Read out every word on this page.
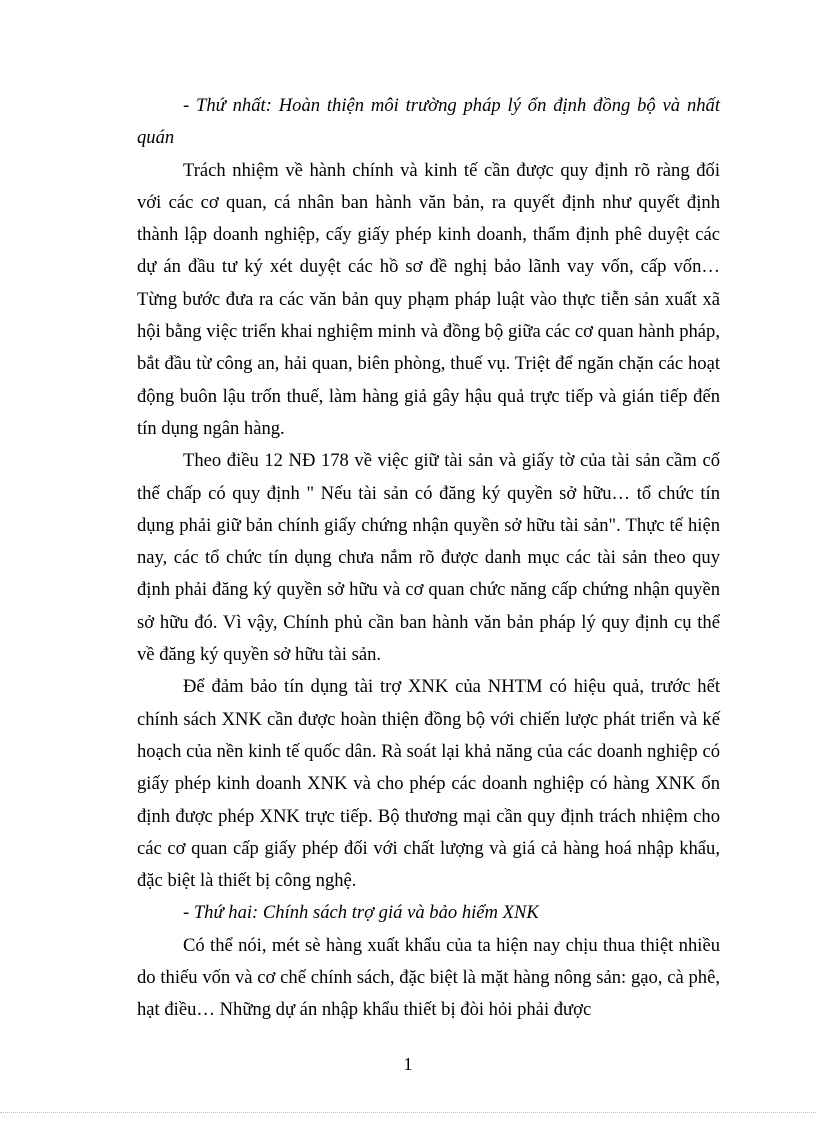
- Thứ nhất: Hoàn thiện môi trường pháp lý ổn định đồng bộ và nhất quán

Trách nhiệm về hành chính và kinh tế cần được quy định rõ ràng đối với các cơ quan, cá nhân ban hành văn bản, ra quyết định như quyết định thành lập doanh nghiệp, cấy giấy phép kinh doanh, thẩm định phê duyệt các dự án đầu tư ký xét duyệt các hồ sơ đề nghị bảo lãnh vay vốn, cấp vốn… Từng bước đưa ra các văn bản quy phạm pháp luật vào thực tiễn sản xuất xã hội bằng việc triển khai nghiệm minh và đồng bộ giữa các cơ quan hành pháp, bắt đầu từ công an, hải quan, biên phòng, thuế vụ. Triệt để ngăn chặn các hoạt động buôn lậu trốn thuế, làm hàng giả gây hậu quả trực tiếp và gián tiếp đến tín dụng ngân hàng.

Theo điều 12 NĐ 178 về việc giữ tài sản và giấy tờ của tài sản cầm cố thế chấp có quy định " Nếu tài sản có đăng ký quyền sở hữu… tổ chức tín dụng phải giữ bản chính giấy chứng nhận quyền sở hữu tài sản". Thực tế hiện nay, các tổ chức tín dụng chưa nắm rõ được danh mục các tài sản theo quy định phải đăng ký quyền sở hữu và cơ quan chức năng cấp chứng nhận quyền sở hữu đó. Vì vậy, Chính phủ cần ban hành văn bản pháp lý quy định cụ thể về đăng ký quyền sở hữu tài sản.

Để đảm bảo tín dụng tài trợ XNK của NHTM có hiệu quả, trước hết chính sách XNK cần được hoàn thiện đồng bộ với chiến lược phát triển và kế hoạch của nền kinh tế quốc dân. Rà soát lại khả năng của các doanh nghiệp có giấy phép kinh doanh XNK và cho phép các doanh nghiệp có hàng XNK ổn định được phép XNK trực tiếp. Bộ thương mại cần quy định trách nhiệm cho các cơ quan cấp giấy phép đối với chất lượng và giá cả hàng hoá nhập khẩu, đặc biệt là thiết bị công nghệ.

- Thứ hai: Chính sách trợ giá và bảo hiểm XNK

Có thể nói, mét sè hàng xuất khẩu của ta hiện nay chịu thua thiệt nhiều do thiếu vốn và cơ chế chính sách, đặc biệt là mặt hàng nông sản: gạo, cà phê, hạt điều… Những dự án nhập khẩu thiết bị đòi hỏi phải được

1
